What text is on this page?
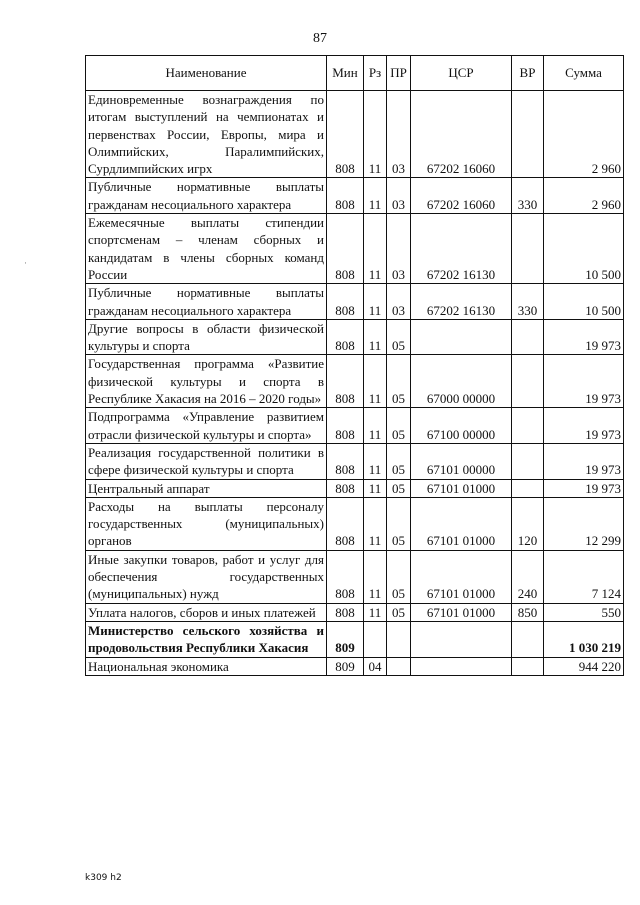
87
·
Наименование	Мин	Рз	ПР	ЦСР	ВР	Сумма
Единовременные вознаграждения по итогам выступлений на чемпионатах и первенствах России, Европы, мира и Олимпийских, Паралимпийских, Сурдлимпийских игрх	808	11	03	67202 16060		2 960
Публичные нормативные выплаты гражданам несоциального характера	808	11	03	67202 16060	330	2 960
Ежемесячные выплаты стипендии спортсменам – членам сборных и кандидатам в члены сборных команд России	808	11	03	67202 16130		10 500
Публичные нормативные выплаты гражданам несоциального характера	808	11	03	67202 16130	330	10 500
Другие вопросы в области физической культуры и спорта	808	11	05			19 973
Государственная программа «Развитие физической культуры и спорта в Республике Хакасия на 2016 – 2020 годы»	808	11	05	67000 00000		19 973
Подпрограмма «Управление развитием отрасли физической культуры и спорта»	808	11	05	67100 00000		19 973
Реализация государственной политики в сфере физической культуры и спорта	808	11	05	67101 00000		19 973
Центральный аппарат	808	11	05	67101 01000		19 973
Расходы на выплаты персоналу государственных (муниципальных) органов	808	11	05	67101 01000	120	12 299
Иные закупки товаров, работ и услуг для обеспечения государственных (муниципальных) нужд	808	11	05	67101 01000	240	7 124
Уплата налогов, сборов и иных платежей	808	11	05	67101 01000	850	550
Министерство сельского хозяйства и продовольствия Республики Хакасия	809					1 030 219
Национальная экономика	809	04				944 220
k309 h2
